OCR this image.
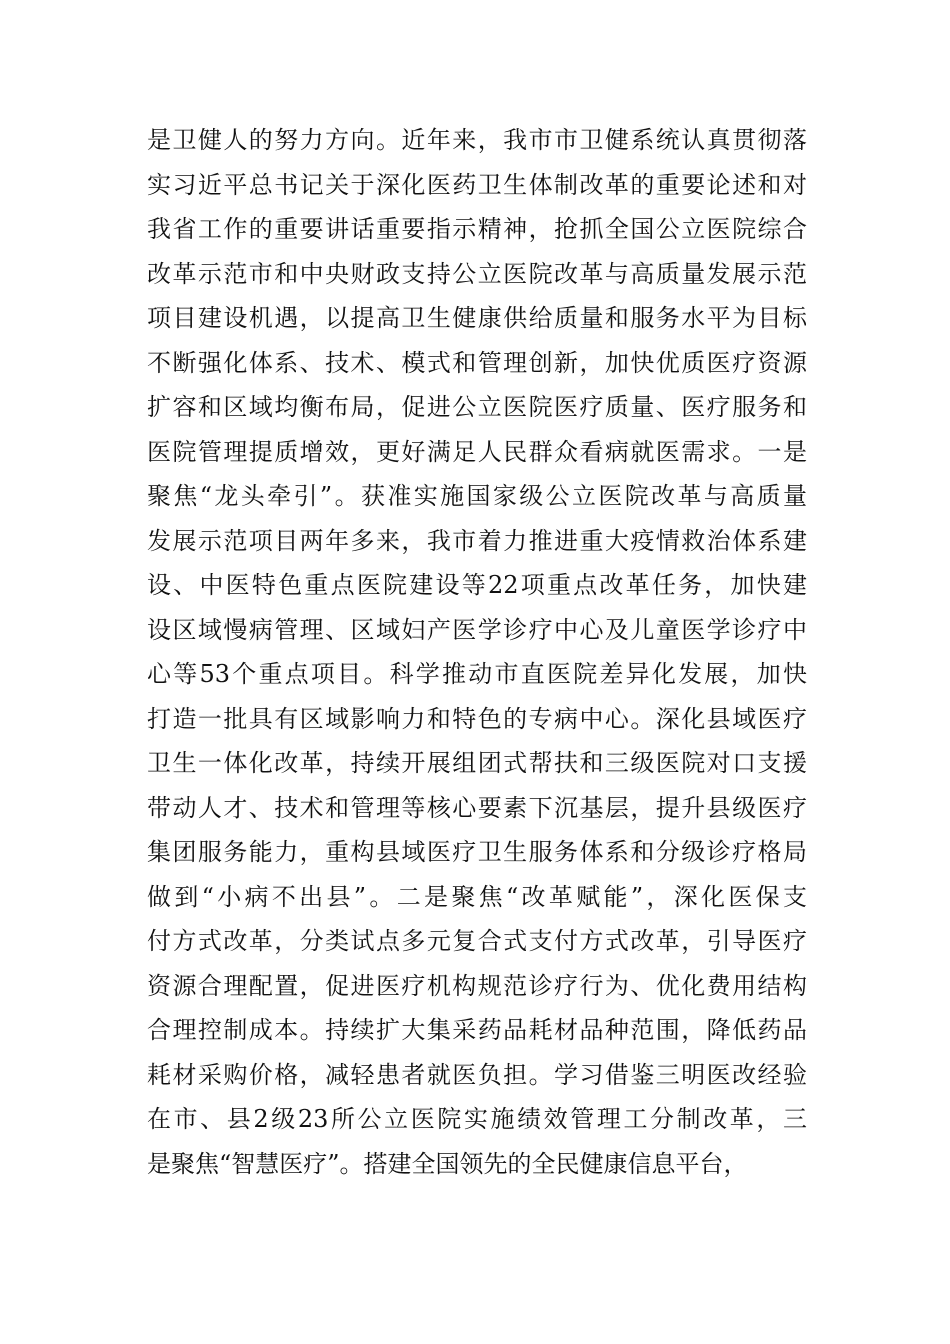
是卫健人的努力方向。近年来，我市市卫健系统认真贯彻落
实习近平总书记关于深化医药卫生体制改革的重要论述和对
我省工作的重要讲话重要指示精神，抢抓全国公立医院综合
改革示范市和中央财政支持公立医院改革与高质量发展示范
项目建设机遇，以提高卫生健康供给质量和服务水平为目标
不断强化体系、技术、模式和管理创新，加快优质医疗资源
扩容和区域均衡布局，促进公立医院医疗质量、医疗服务和
医院管理提质增效，更好满足人民群众看病就医需求。一是
聚焦“龙头牵引”。获准实施国家级公立医院改革与高质量
发展示范项目两年多来，我市着力推进重大疫情救治体系建
设、中医特色重点医院建设等22项重点改革任务，加快建
设区域慢病管理、区域妇产医学诊疗中心及儿童医学诊疗中
心等53个重点项目。科学推动市直医院差异化发展，加快
打造一批具有区域影响力和特色的专病中心。深化县域医疗
卫生一体化改革，持续开展组团式帮扶和三级医院对口支援
带动人才、技术和管理等核心要素下沉基层，提升县级医疗
集团服务能力，重构县域医疗卫生服务体系和分级诊疗格局
做到“小病不出县”。二是聚焦“改革赋能”，深化医保支
付方式改革，分类试点多元复合式支付方式改革，引导医疗
资源合理配置，促进医疗机构规范诊疗行为、优化费用结构
合理控制成本。持续扩大集采药品耗材品种范围，降低药品
耗材采购价格，减轻患者就医负担。学习借鉴三明医改经验
在市、县2级23所公立医院实施绩效管理工分制改革，三
是聚焦“智慧医疗”。搭建全国领先的全民健康信息平台，
